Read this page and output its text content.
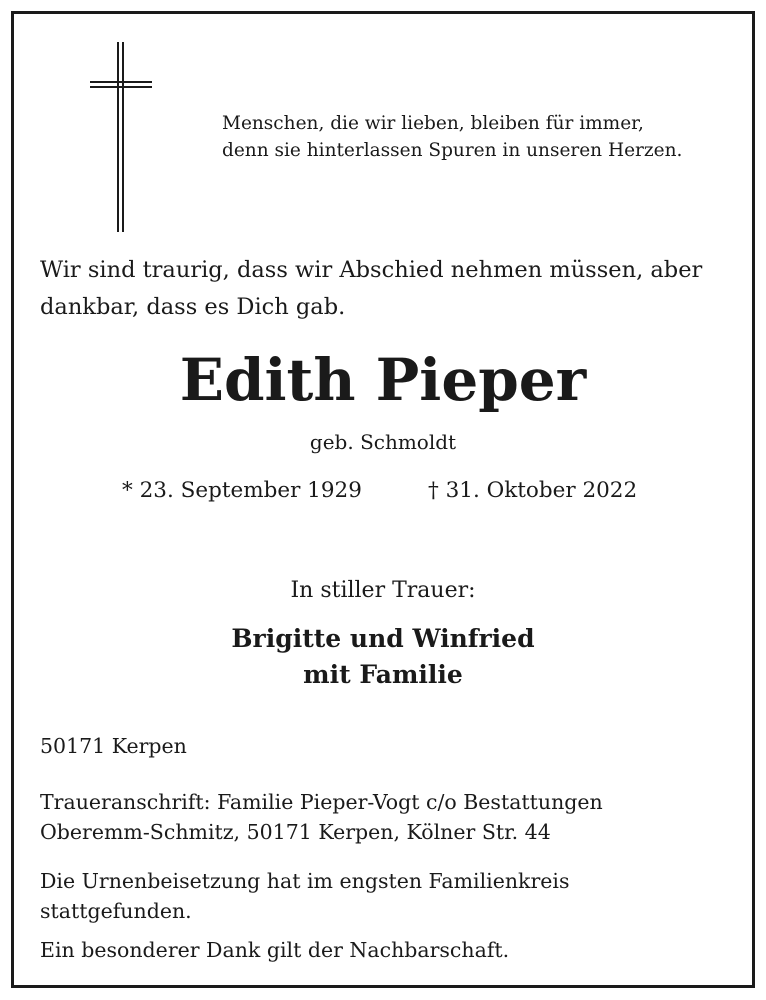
Menschen, die wir lieben, bleiben für immer,
denn sie hinterlassen Spuren in unseren Herzen.
Wir sind traurig, dass wir Abschied nehmen müssen, aber
dankbar, dass es Dich gab.
Edith Pieper
geb. Schmoldt
* 23. September 1929	† 31. Oktober 2022
In stiller Trauer:
Brigitte und Winfried
mit Familie
50171 Kerpen
Traueranschrift: Familie Pieper-Vogt c/o Bestattungen
Oberemm-Schmitz, 50171 Kerpen, Kölner Str. 44
Die Urnenbeisetzung hat im engsten Familienkreis
stattgefunden.
Ein besonderer Dank gilt der Nachbarschaft.
